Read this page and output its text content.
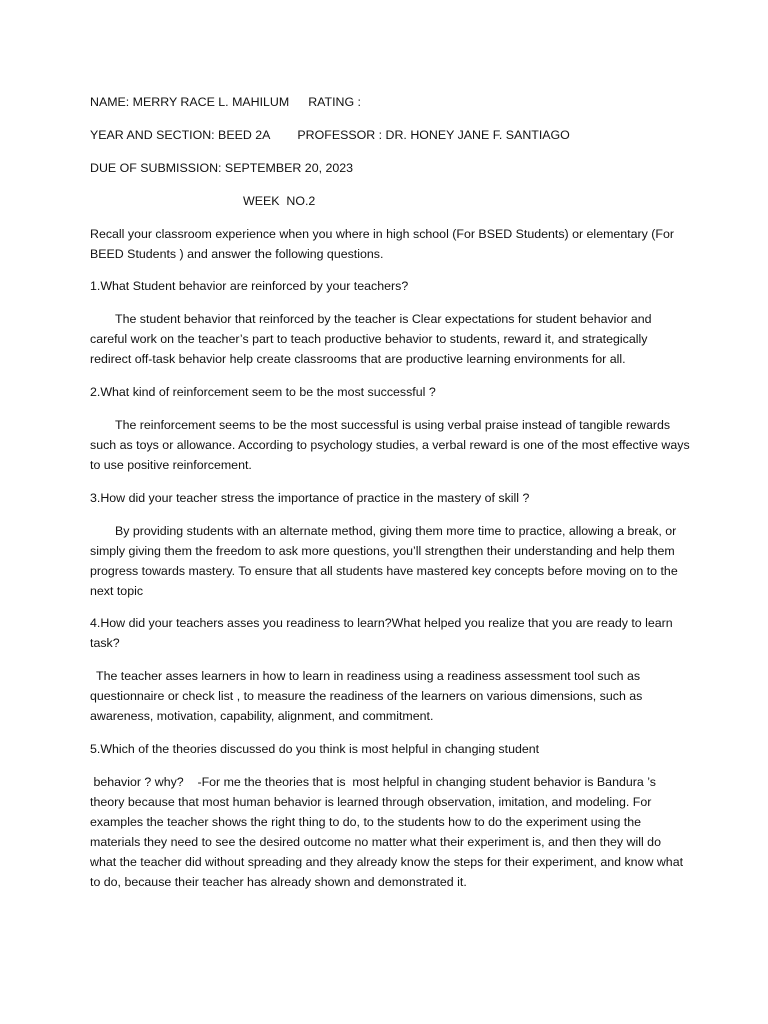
NAME: MERRY RACE L. MAHILUM RATING :
YEAR AND SECTION: BEED 2A PROFESSOR : DR. HONEY JANE F. SANTIAGO
DUE OF SUBMISSION: SEPTEMBER 20, 2023
WEEK  NO.2

Recall your classroom experience when you where in high school (For BSED Students) or elementary (For BEED Students ) and answer the following questions.

1.What Student behavior are reinforced by your teachers?

The student behavior that reinforced by the teacher is Clear expectations for student behavior and careful work on the teacher’s part to teach productive behavior to students, reward it, and strategically redirect off-task behavior help create classrooms that are productive learning environments for all.

2.What kind of reinforcement seem to be the most successful ?

The reinforcement seems to be the most successful is using verbal praise instead of tangible rewards such as toys or allowance. According to psychology studies, a verbal reward is one of the most effective ways to use positive reinforcement.

3.How did your teacher stress the importance of practice in the mastery of skill ?

By providing students with an alternate method, giving them more time to practice, allowing a break, or simply giving them the freedom to ask more questions, you’ll strengthen their understanding and help them progress towards mastery. To ensure that all students have mastered key concepts before moving on to the next topic

4.How did your teachers asses you readiness to learn?What helped you realize that you are ready to learn task?

The teacher asses learners in how to learn in readiness using a readiness assessment tool such as questionnaire or check list , to measure the readiness of the learners on various dimensions, such as awareness, motivation, capability, alignment, and commitment.

5.Which of the theories discussed do you think is most helpful in changing student

behavior ? why?    -For me the theories that is  most helpful in changing student behavior is Bandura ’s theory because that most human behavior is learned through observation, imitation, and modeling. For examples the teacher shows the right thing to do, to the students how to do the experiment using the materials they need to see the desired outcome no matter what their experiment is, and then they will do what the teacher did without spreading and they already know the steps for their experiment, and know what to do, because their teacher has already shown and demonstrated it.
